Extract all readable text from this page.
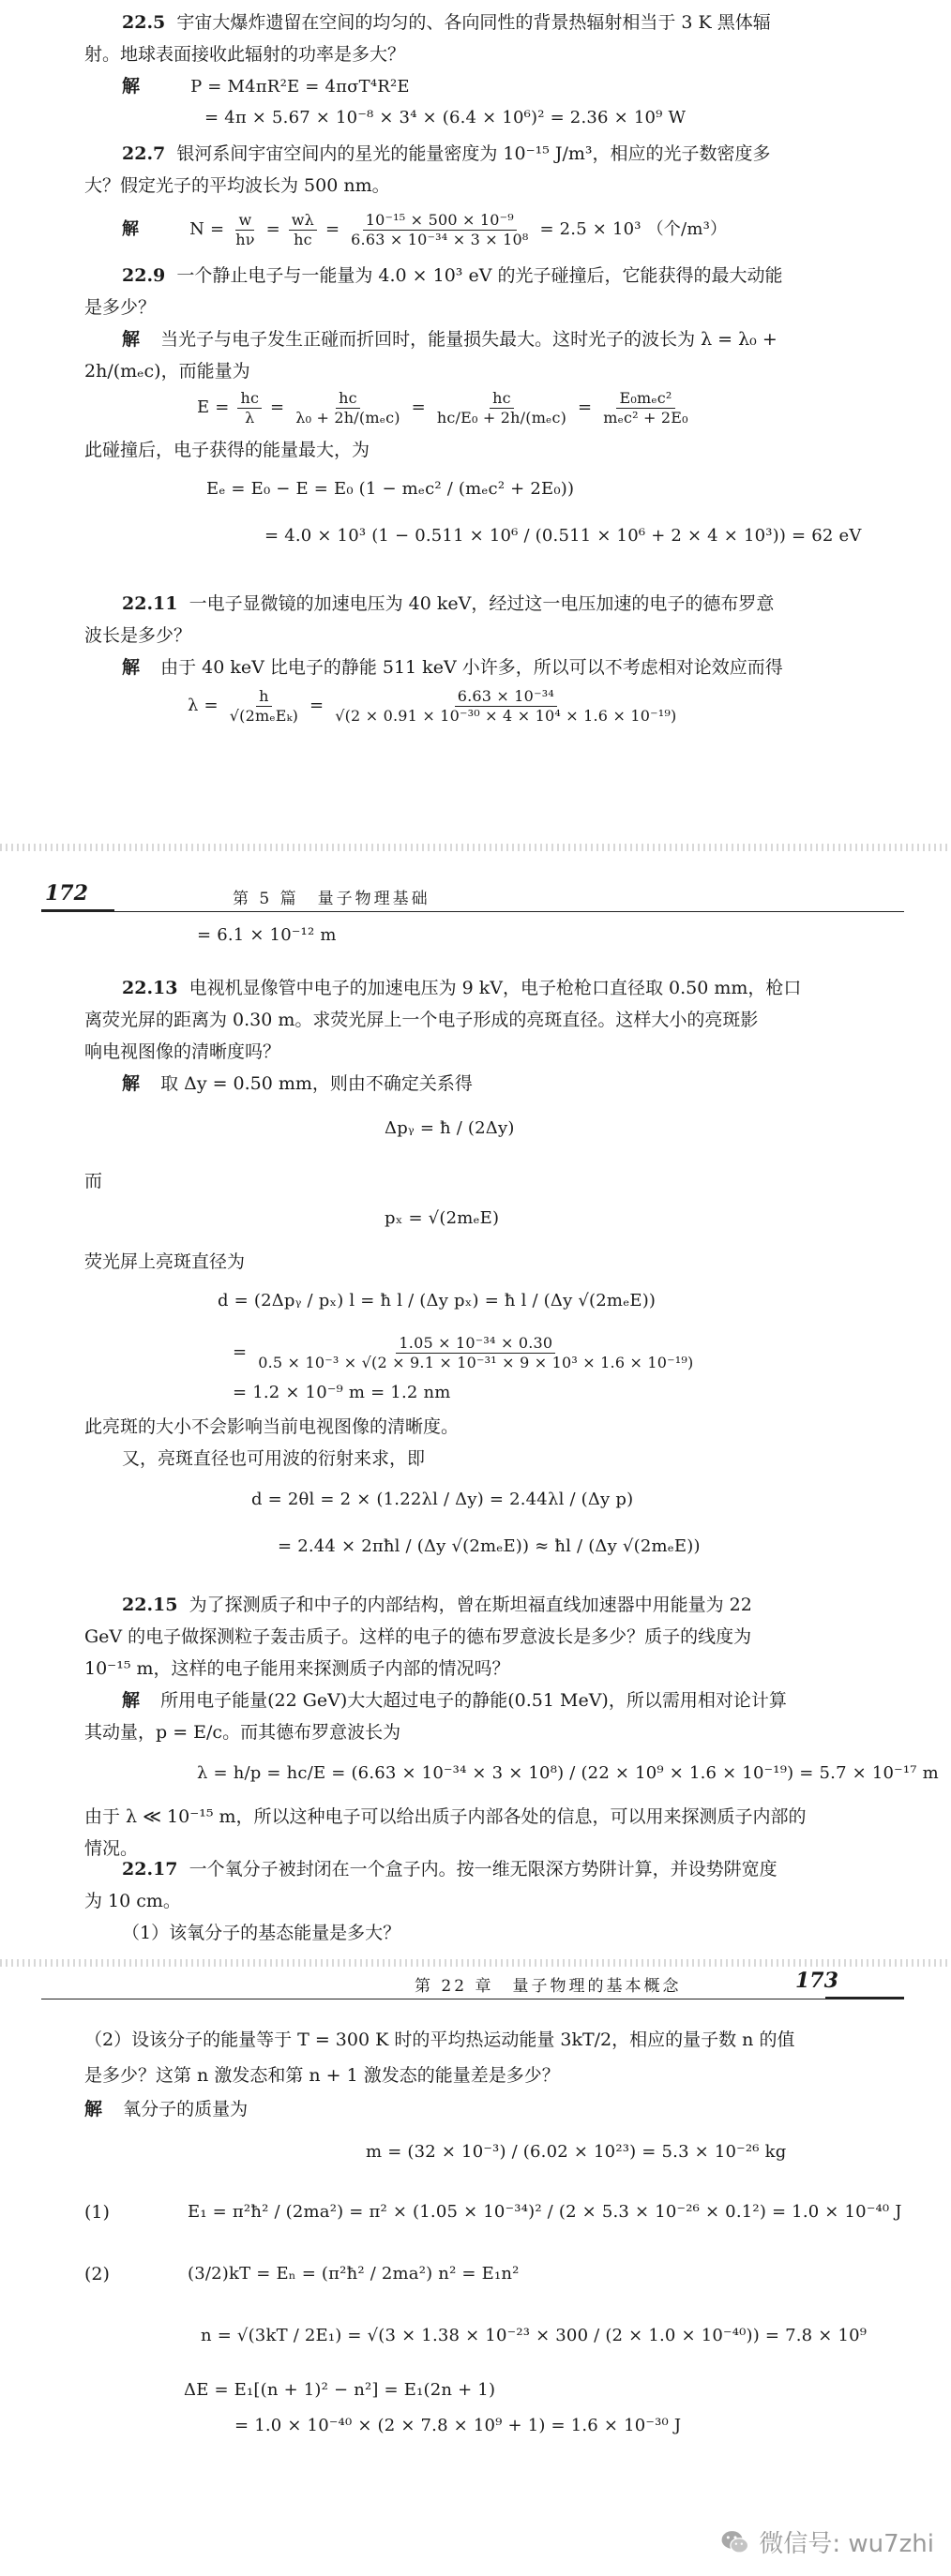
22.5 宇宙大爆炸遗留在空间的均匀的、各向同性的背景热辐射相当于 3 K 黑体辐
射。地球表面接收此辐射的功率是多大？
解	P = M4πR²E = 4πσT⁴R²E
= 4π × 5.67 × 10⁻⁸ × 3⁴ × (6.4 × 10⁶)² = 2.36 × 10⁹ W
22.7 银河系间宇宙空间内的星光的能量密度为 10⁻¹⁵ J/m³，相应的光子数密度多
大？假定光子的平均波长为 500 nm。
解	$N = \frac{w}{h\nu} = \frac{w\lambda}{hc} = \frac{\text{10⁻¹⁵ × 500 × 10⁻⁹}}{\text{6.63 × 10⁻³⁴ × 3 × 10⁸}} = 2.5 \times 10^3$ （个/m³）
22.9 一个静止电子与一能量为 4.0 × 10³ eV 的光子碰撞后，它能获得的最大动能
是多少？
解 当光子与电子发生正碰而折回时，能量损失最大。这时光子的波长为 λ = λ₀ +
2h/(mₑc)，而能量为
$E = \frac{hc}{\lambda} = \frac{hc}{\text{λ₀ + 2h/(mₑc)}} = \frac{hc}{\text{hc/E₀ + 2h/(mₑc)}} = \frac{\text{E₀mₑc²}}{\text{mₑc² + 2E₀}}$
此碰撞后，电子获得的能量最大，为
Eₑ = E₀ − E = E₀ (1 − mₑc² / (mₑc² + 2E₀))
= 4.0 × 10³ (1 − 0.511 × 10⁶ / (0.511 × 10⁶ + 2 × 4 × 10³)) = 62 eV
22.11 一电子显微镜的加速电压为 40 keV，经过这一电压加速的电子的德布罗意
波长是多少？
解 由于 40 keV 比电子的静能 511 keV 小许多，所以可以不考虑相对论效应而得
$\lambda = \frac{h}{\text{√(2mₑEₖ)}} = \frac{\text{6.63 × 10⁻³⁴}}{\text{√(2 × 0.91 × 10⁻³⁰ × 4 × 10⁴ × 1.6 × 10⁻¹⁹)}}$
172	第 5 篇　量子物理基础
= 6.1 × 10⁻¹² m
22.13 电视机显像管中电子的加速电压为 9 kV，电子枪枪口直径取 0.50 mm，枪口
离荧光屏的距离为 0.30 m。求荧光屏上一个电子形成的亮斑直径。这样大小的亮斑影
响电视图像的清晰度吗？
解 取 Δy = 0.50 mm，则由不确定关系得
Δpᵧ = ħ / (2Δy)
而
pₓ = √(2mₑE)
荧光屏上亮斑直径为
d = (2Δpᵧ / pₓ) l = ħ l / (Δy pₓ) = ħ l / (Δy √(2mₑE))
= $\frac{\text{1.05 × 10⁻³⁴ × 0.30}}{\text{0.5 × 10⁻³ × √(2 × 9.1 × 10⁻³¹ × 9 × 10³ × 1.6 × 10⁻¹⁹)}}$
= 1.2 × 10⁻⁹ m = 1.2 nm
此亮斑的大小不会影响当前电视图像的清晰度。
又，亮斑直径也可用波的衍射来求，即
d = 2θl = 2 × (1.22λl / Δy) = 2.44λl / (Δy p)
= 2.44 × 2πħl / (Δy √(2mₑE)) ≈ ħl / (Δy √(2mₑE))
22.15 为了探测质子和中子的内部结构，曾在斯坦福直线加速器中用能量为 22
GeV 的电子做探测粒子轰击质子。这样的电子的德布罗意波长是多少？质子的线度为
10⁻¹⁵ m，这样的电子能用来探测质子内部的情况吗？
解 所用电子能量(22 GeV)大大超过电子的静能(0.51 MeV)，所以需用相对论计算
其动量，p = E/c。而其德布罗意波长为
λ = h/p = hc/E = (6.63 × 10⁻³⁴ × 3 × 10⁸) / (22 × 10⁹ × 1.6 × 10⁻¹⁹) = 5.7 × 10⁻¹⁷ m
由于 λ ≪ 10⁻¹⁵ m，所以这种电子可以给出质子内部各处的信息，可以用来探测质子内部的
情况。
22.17 一个氧分子被封闭在一个盒子内。按一维无限深方势阱计算，并设势阱宽度
为 10 cm。
（1）该氧分子的基态能量是多大？
第 22 章　量子物理的基本概念	173
（2）设该分子的能量等于 T = 300 K 时的平均热运动能量 3kT/2，相应的量子数 n 的值
是多少？这第 n 激发态和第 n + 1 激发态的能量差是多少？
解 氧分子的质量为
m = (32 × 10⁻³) / (6.02 × 10²³) = 5.3 × 10⁻²⁶ kg
(1)	E₁ = π²ħ² / (2ma²) = π² × (1.05 × 10⁻³⁴)² / (2 × 5.3 × 10⁻²⁶ × 0.1²) = 1.0 × 10⁻⁴⁰ J
(2)	(3/2)kT = Eₙ = (π²ħ² / 2ma²) n² = E₁n²
n = √(3kT / 2E₁) = √(3 × 1.38 × 10⁻²³ × 300 / (2 × 1.0 × 10⁻⁴⁰)) = 7.8 × 10⁹
ΔE = E₁[(n + 1)² − n²] = E₁(2n + 1)
= 1.0 × 10⁻⁴⁰ × (2 × 7.8 × 10⁹ + 1) = 1.6 × 10⁻³⁰ J
微信号: wu7zhi
